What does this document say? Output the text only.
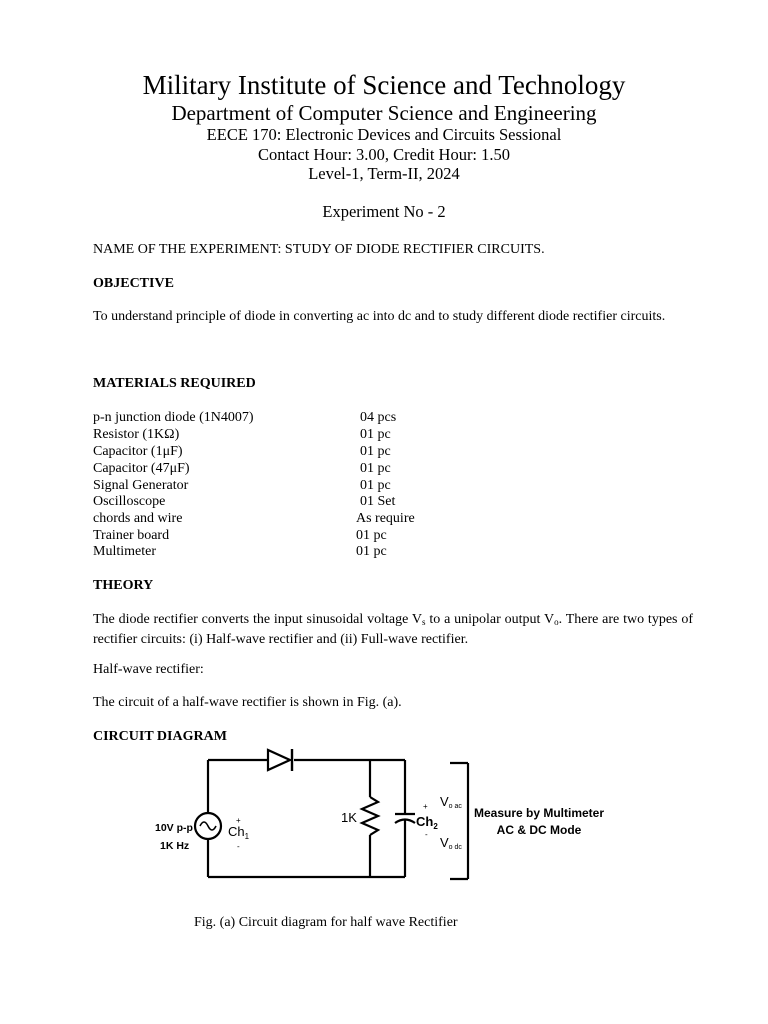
Military Institute of Science and Technology
Department of Computer Science and Engineering
EECE 170: Electronic Devices and Circuits Sessional
Contact Hour: 3.00, Credit Hour: 1.50
Level-1, Term-II, 2024
Experiment No - 2
NAME OF THE EXPERIMENT: STUDY OF DIODE RECTIFIER CIRCUITS.
OBJECTIVE
To understand principle of diode in converting ac into dc and to study different diode rectifier circuits.
MATERIALS REQUIRED
p-n junction diode (1N4007)	04 pcs
Resistor (1KΩ)	01 pc
Capacitor (1μF)	01 pc
Capacitor (47μF)	01 pc
Signal Generator	01 pc
Oscilloscope	01 Set
chords and wire	As require
Trainer board	01 pc
Multimeter	01 pc
THEORY
The diode rectifier converts the input sinusoidal voltage $V_s$ to a unipolar output $V_o$. There are two types of rectifier circuits: (i) Half-wave rectifier and (ii) Full-wave rectifier.
Half-wave rectifier:
The circuit of a half-wave rectifier is shown in Fig. (a).
CIRCUIT DIAGRAM
10V p-p
1K Hz
+
$Ch_1$
-
1K
+
$Ch_2$
-
Vo ac
Vo dc
Measure by Multimeter
AC & DC Mode
Fig. (a) Circuit diagram for half wave Rectifier
